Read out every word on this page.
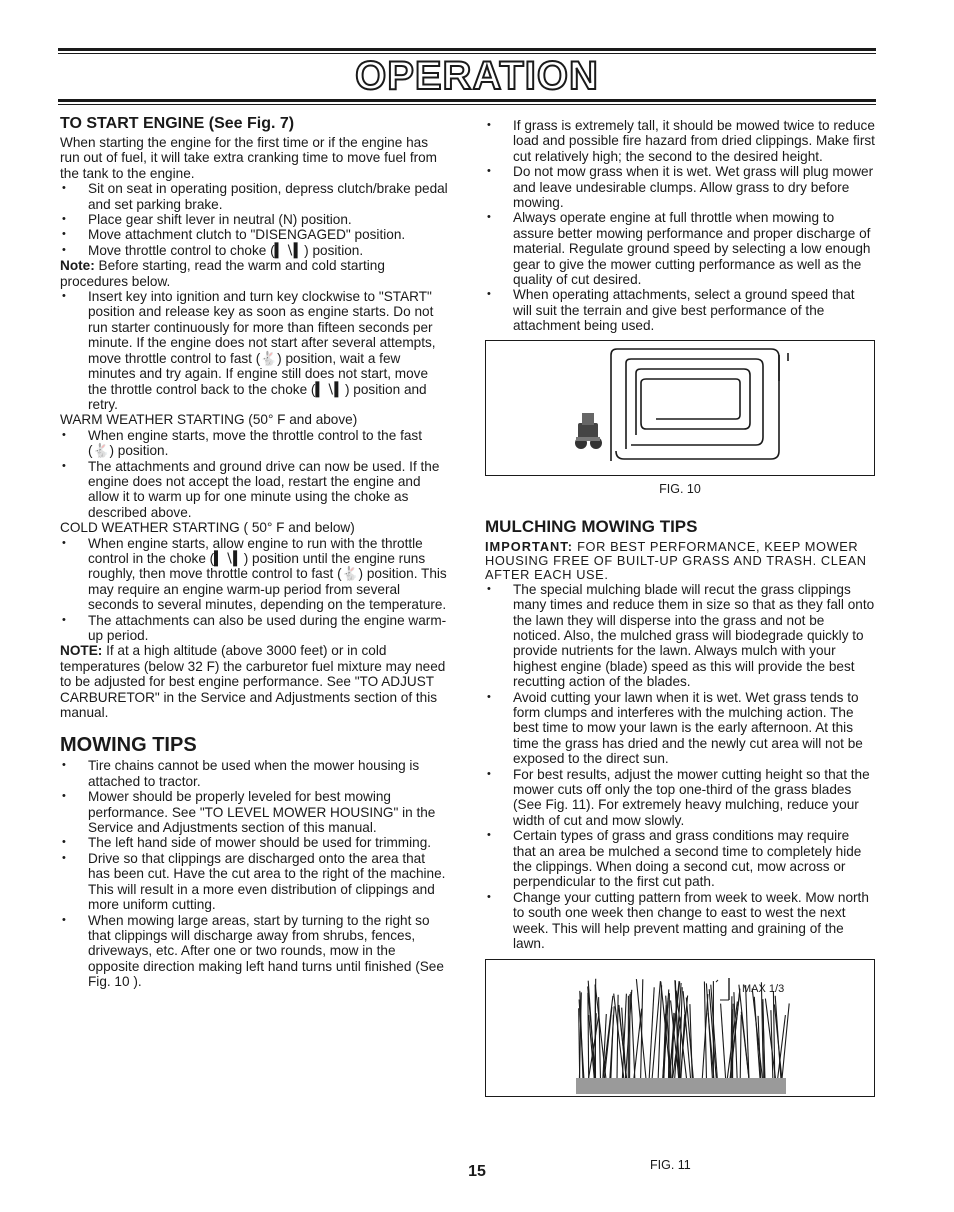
OPERATION
TO START ENGINE (See Fig. 7)

When starting the engine for the first time or if the engine has run out of fuel, it will take extra cranking time to move fuel from the tank to the engine.

• Sit on seat in operating position, depress clutch/brake pedal and set parking brake.
• Place gear shift lever in neutral (N) position.
• Move attachment clutch to "DISENGAGED" position.
• Move throttle control to choke (▍∖▍) position.

Note: Before starting, read the warm and cold starting procedures below.

• Insert key into ignition and turn key clockwise to "START" position and release key as soon as engine starts. Do not run starter continuously for more than fifteen seconds per minute. If the engine does not start after several attempts, move throttle control to fast (🐇) position, wait a few minutes and try again. If engine still does not start, move the throttle control back to the choke (▍∖▍) position and retry.

WARM WEATHER STARTING (50° F and above)

• When engine starts, move the throttle control to the fast (🐇) position.
• The attachments and ground drive can now be used. If the engine does not accept the load, restart the engine and allow it to warm up for one minute using the choke as described above.

COLD WEATHER STARTING ( 50° F and below)

• When engine starts, allow engine to run with the throttle control in the choke (▍∖▍) position until the engine runs roughly, then move throttle control to fast (🐇) position. This may require an engine warm-up period from several seconds to several minutes, depending on the temperature.
• The attachments can also be used during the engine warm-up period.

NOTE: If at a high altitude (above 3000 feet) or in cold temperatures (below 32 F) the carburetor fuel mixture may need to be adjusted for best engine performance. See "TO ADJUST CARBURETOR" in the Service and Adjustments section of this manual.

MOWING TIPS
• Tire chains cannot be used when the mower housing is attached to tractor.
• Mower should be properly leveled for best mowing performance. See "TO LEVEL MOWER HOUSING" in the Service and Adjustments section of this manual.
• The left hand side of mower should be used for trimming.
• Drive so that clippings are discharged onto the area that has been cut. Have the cut area to the right of the machine. This will result in a more even distribution of clippings and more uniform cutting.
• When mowing large areas, start by turning to the right so that clippings will discharge away from shrubs, fences, driveways, etc. After one or two rounds, mow in the opposite direction making left hand turns until finished (See Fig. 10 ).
• If grass is extremely tall, it should be mowed twice to reduce load and possible fire hazard from dried clippings. Make first cut relatively high; the second to the desired height.
• Do not mow grass when it is wet. Wet grass will plug mower and leave undesirable clumps. Allow grass to dry before mowing.
• Always operate engine at full throttle when mowing to assure better mowing performance and proper discharge of material. Regulate ground speed by selecting a low enough gear to give the mower cutting performance as well as the quality of cut desired.
• When operating attachments, select a ground speed that will suit the terrain and give best performance of the attachment being used.
FIG. 10
MULCHING MOWING TIPS

IMPORTANT: FOR BEST PERFORMANCE, KEEP MOWER HOUSING FREE OF BUILT-UP GRASS AND TRASH. CLEAN AFTER EACH USE.

• The special mulching blade will recut the grass clippings many times and reduce them in size so that as they fall onto the lawn they will disperse into the grass and not be noticed. Also, the mulched grass will biodegrade quickly to provide nutrients for the lawn. Always mulch with your highest engine (blade) speed as this will provide the best recutting action of the blades.
• Avoid cutting your lawn when it is wet. Wet grass tends to form clumps and interferes with the mulching action. The best time to mow your lawn is the early afternoon. At this time the grass has dried and the newly cut area will not be exposed to the direct sun.
• For best results, adjust the mower cutting height so that the mower cuts off only the top one-third of the grass blades (See Fig. 11). For extremely heavy mulching, reduce your width of cut and mow slowly.
• Certain types of grass and grass conditions may require that an area be mulched a second time to completely hide the clippings. When doing a second cut, mow across or perpendicular to the first cut path.
• Change your cutting pattern from week to week. Mow north to south one week then change to east to west the next week. This will help prevent matting and graining of the lawn.
MAX 1/3
FIG. 11
15
